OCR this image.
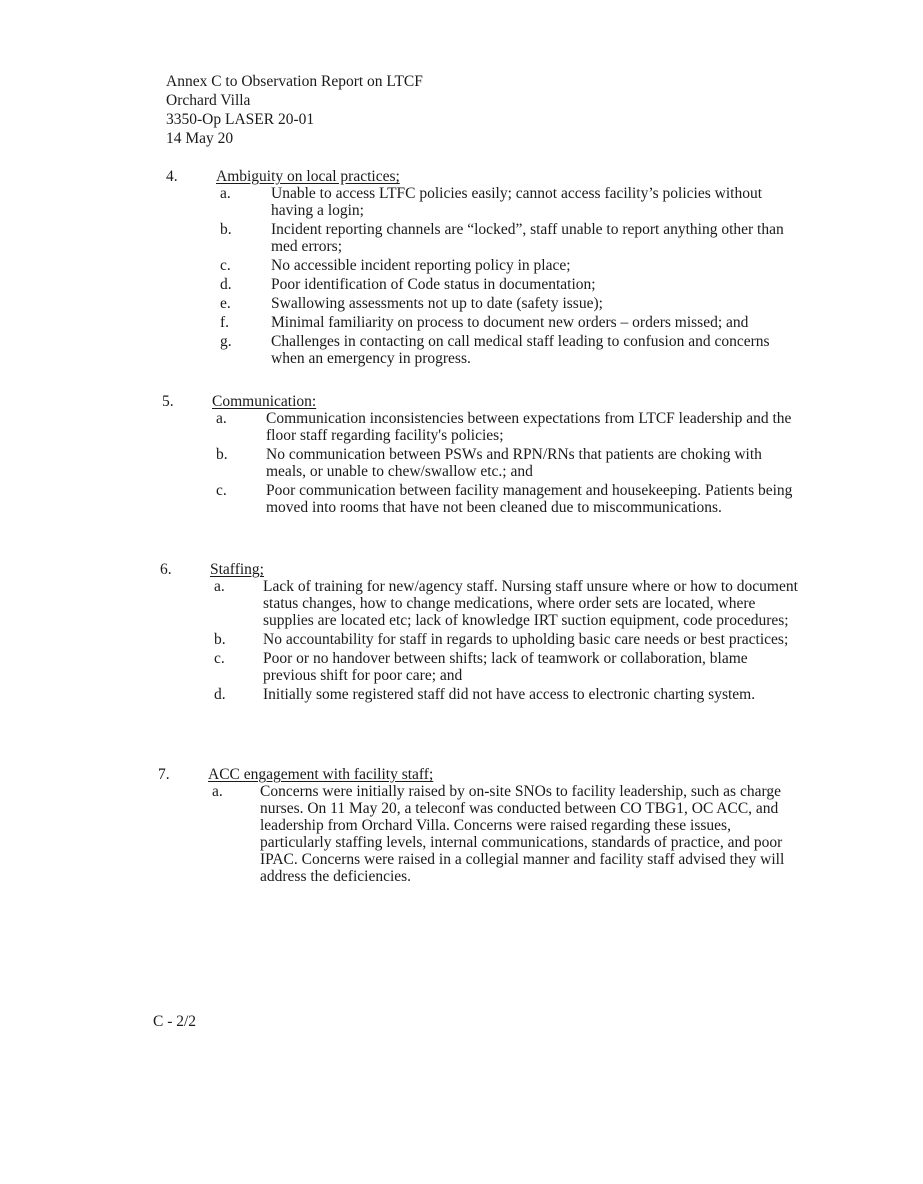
Annex C to Observation Report on LTCF
Orchard Villa
3350-Op LASER 20-01
14 May 20
4. Ambiguity on local practices;
a.	Unable to access LTFC policies easily; cannot access facility’s policies without having a login;
b.	Incident reporting channels are “locked”, staff unable to report anything other than med errors;
c.	No accessible incident reporting policy in place;
d.	Poor identification of Code status in documentation;
e.	Swallowing assessments not up to date (safety issue);
f.	Minimal familiarity on process to document new orders – orders missed; and
g.	Challenges in contacting on call medical staff leading to confusion and concerns when an emergency in progress.
5. Communication:
a.	Communication inconsistencies between expectations from LTCF leadership and the floor staff regarding facility's policies;
b. No communication between PSWs and RPN/RNs that patients are choking with meals, or unable to chew/swallow etc.; and
c.	Poor communication between facility management and housekeeping. Patients being moved into rooms that have not been cleaned due to miscommunications.
6. Staffing;
a. Lack of training for new/agency staff. Nursing staff unsure where or how to document status changes, how to change medications, where order sets are located, where supplies are located etc; lack of knowledge IRT suction equipment, code procedures;
b. No accountability for staff in regards to upholding basic care needs or best practices;
c. Poor or no handover between shifts; lack of teamwork or collaboration, blame previous shift for poor care; and
d. Initially some registered staff did not have access to electronic charting system.
7. ACC engagement with facility staff;
a. Concerns were initially raised by on-site SNOs to facility leadership, such as charge nurses. On 11 May 20, a teleconf was conducted between CO TBG1, OC ACC, and leadership from Orchard Villa. Concerns were raised regarding these issues, particularly staffing levels, internal communications, standards of practice, and poor IPAC. Concerns were raised in a collegial manner and facility staff advised they will address the deficiencies.
C - 2/2
